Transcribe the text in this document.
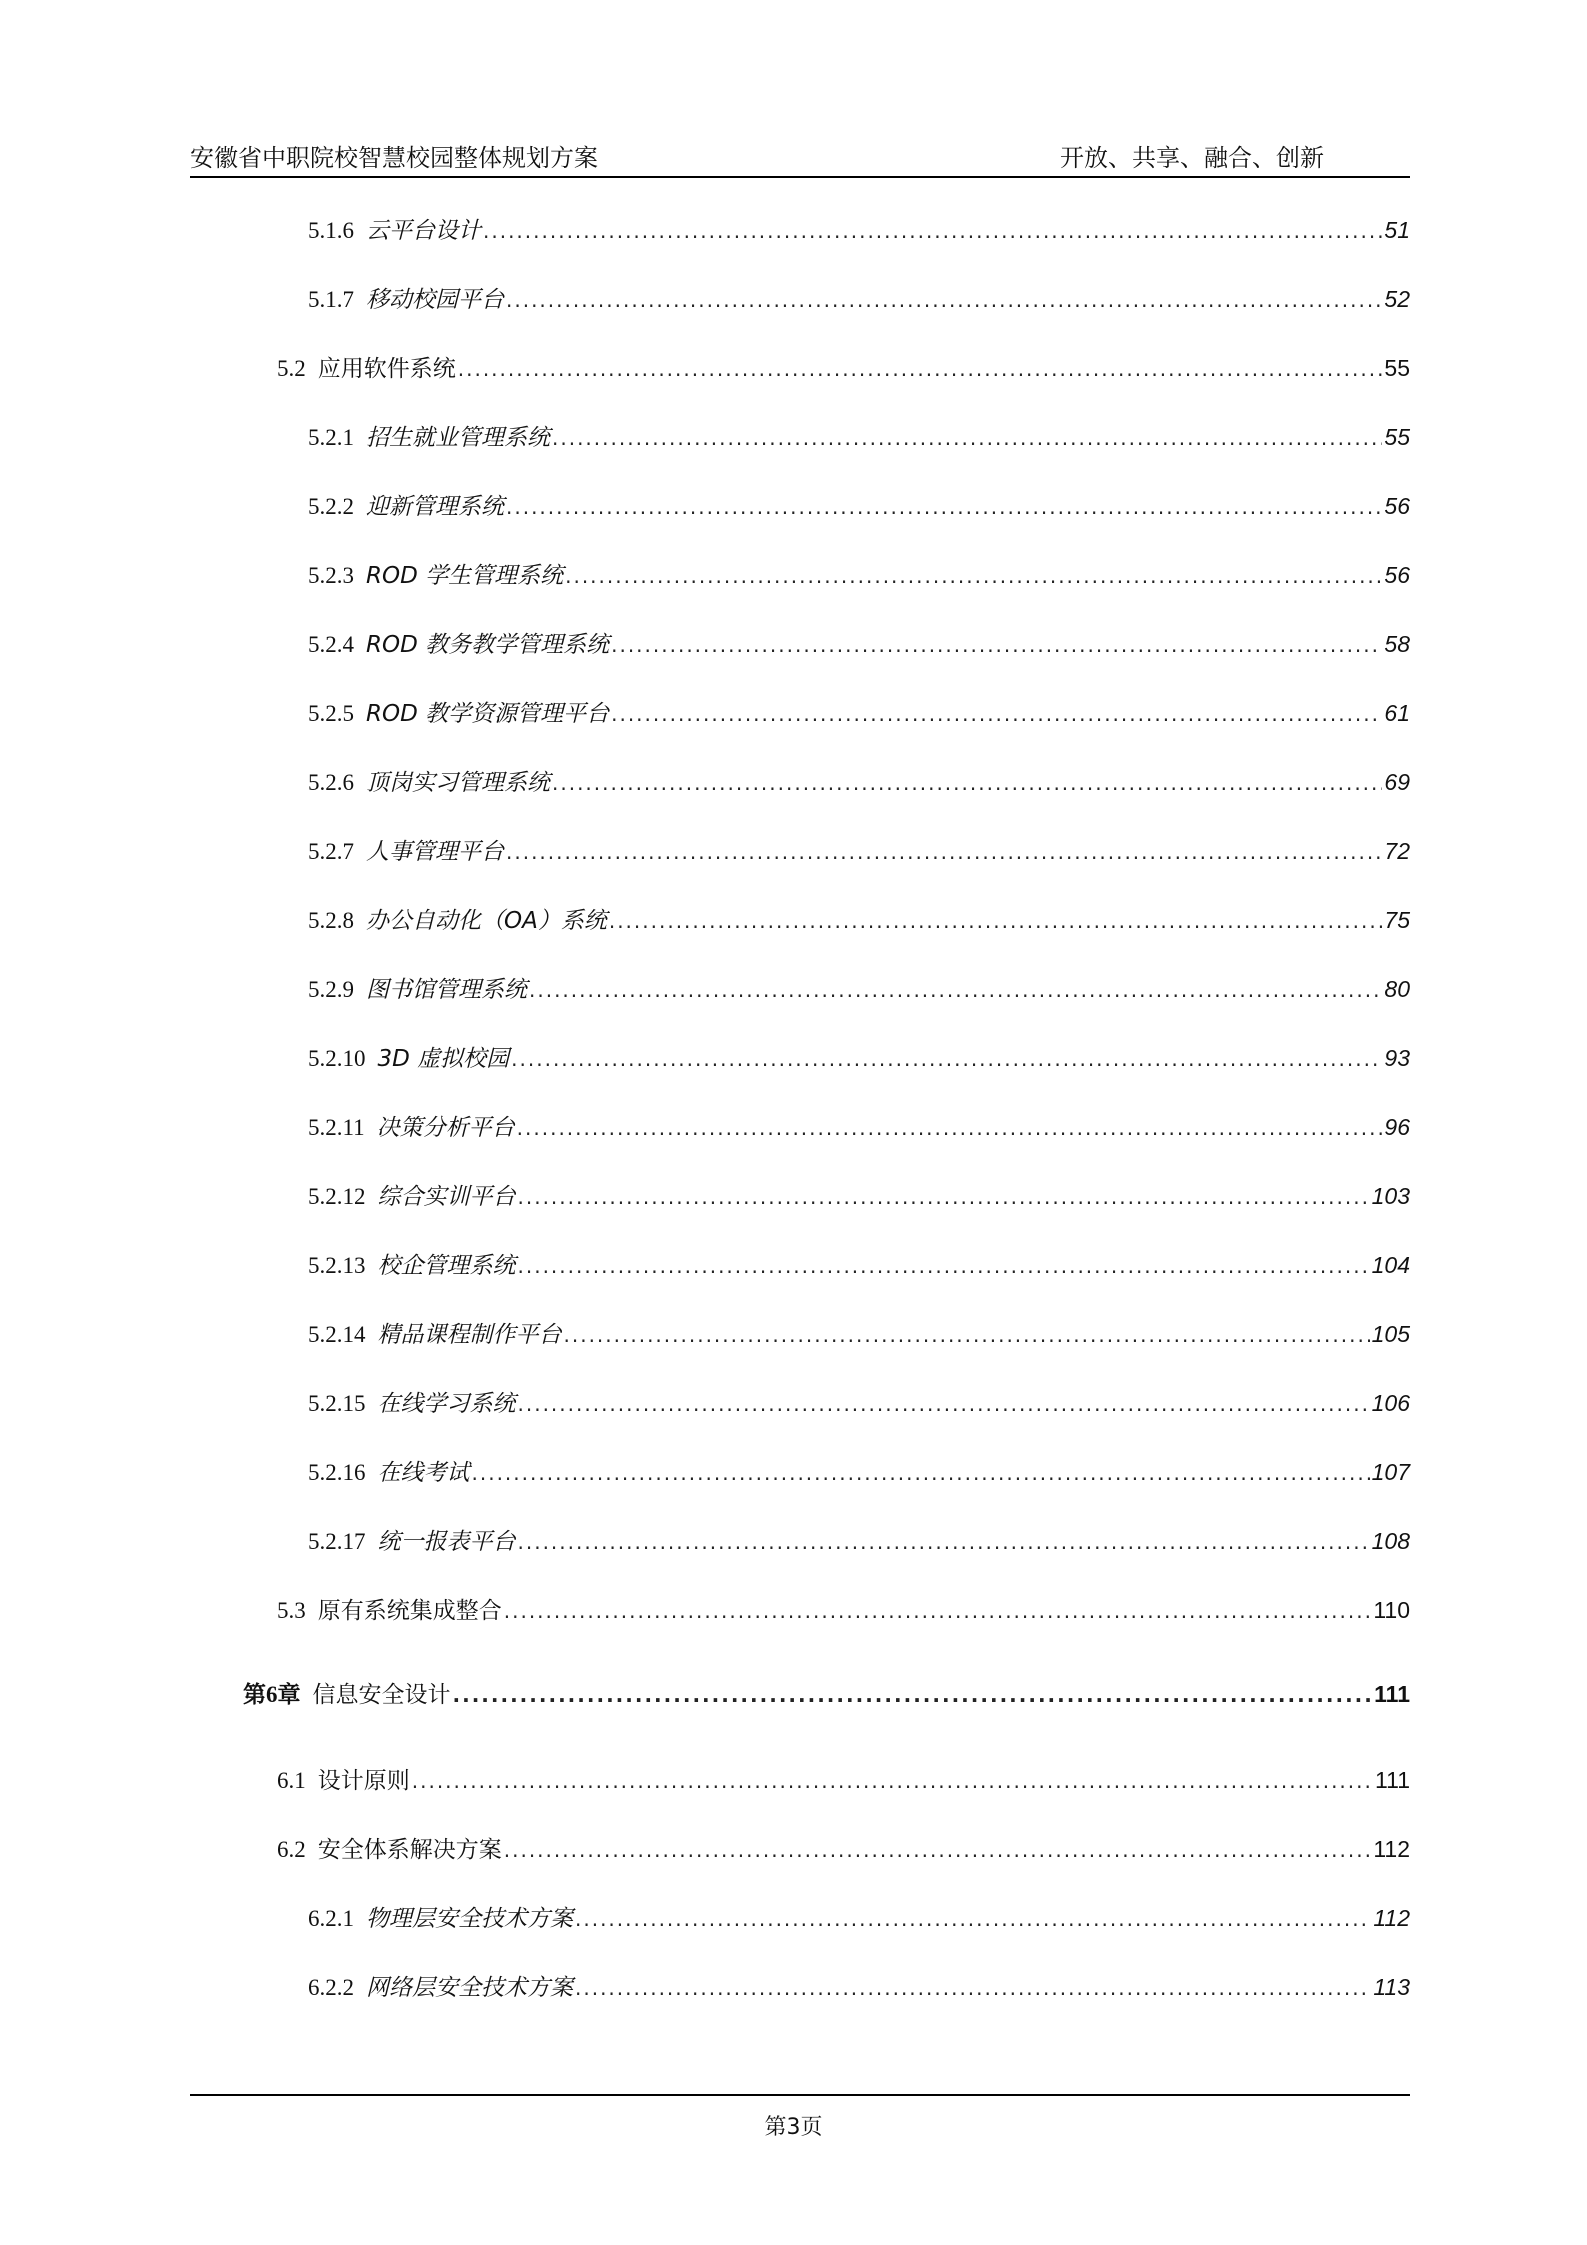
安徽省中职院校智慧校园整体规划方案	开放、共享、融合、创新
5.1.6 云平台设计 .....	51
5.1.7 移动校园平台 .....	52
5.2 应用软件系统 .....	55
5.2.1 招生就业管理系统 .....	55
5.2.2 迎新管理系统 .....	56
5.2.3 ROD 学生管理系统 .....	56
5.2.4 ROD 教务教学管理系统 .....	58
5.2.5 ROD 教学资源管理平台 .....	61
5.2.6 顶岗实习管理系统 .....	69
5.2.7 人事管理平台 .....	72
5.2.8 办公自动化（OA）系统 .....	75
5.2.9 图书馆管理系统 .....	80
5.2.10 3D 虚拟校园 .....	93
5.2.11 决策分析平台 .....	96
5.2.12 综合实训平台 .....	103
5.2.13 校企管理系统 .....	104
5.2.14 精品课程制作平台 .....	105
5.2.15 在线学习系统 .....	106
5.2.16 在线考试 .....	107
5.2.17 统一报表平台 .....	108
5.3 原有系统集成整合 .....	110
第6章 信息安全设计 .....	111
6.1 设计原则 .....	111
6.2 安全体系解决方案 .....	112
6.2.1 物理层安全技术方案 .....	112
6.2.2 网络层安全技术方案 .....	113
第3页
